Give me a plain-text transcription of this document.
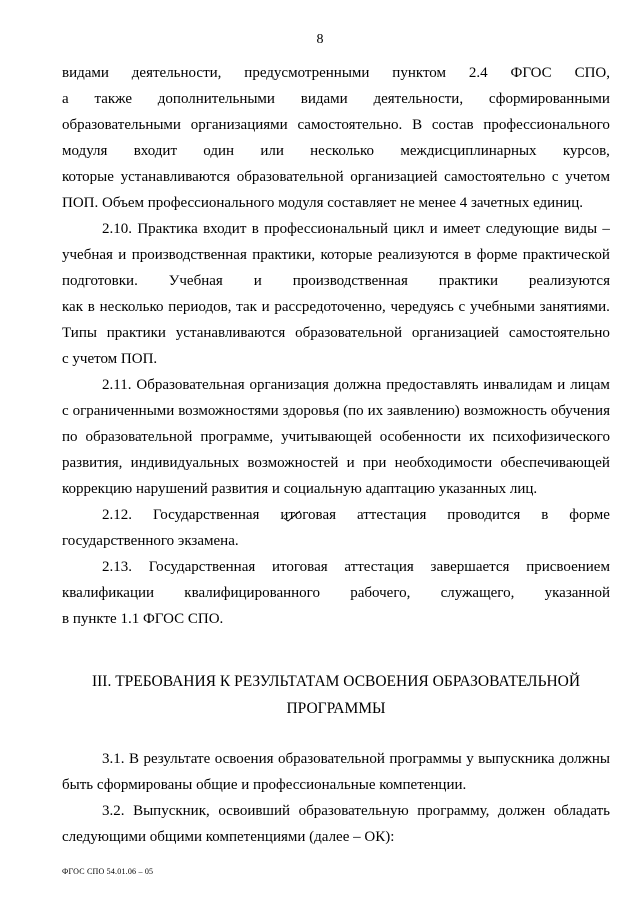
8
видами деятельности, предусмотренными пунктом 2.4 ФГОС СПО,
а также дополнительными видами деятельности, сформированными
образовательными организациями самостоятельно. В состав профессионального
модуля входит один или несколько междисциплинарных курсов,
которые устанавливаются образовательной организацией самостоятельно с учетом
ПОП. Объем профессионального модуля составляет не менее 4 зачетных единиц.
2.10. Практика входит в профессиональный цикл и имеет следующие виды –
учебная и производственная практики, которые реализуются в форме практической
подготовки. Учебная и производственная практики реализуются
как в несколько периодов, так и рассредоточенно, чередуясь с учебными занятиями.
Типы практики устанавливаются образовательной организацией самостоятельно
с учетом ПОП.
2.11. Образовательная организация должна предоставлять инвалидам и лицам
с ограниченными возможностями здоровья (по их заявлению) возможность обучения
по образовательной программе, учитывающей особенности их психофизического
развития, индивидуальных возможностей и при необходимости обеспечивающей
коррекцию нарушений развития и социальную адаптацию указанных лиц.
2.12. Государственная итоговая аттестация проводится в форме
государственного экзамена.
2.13. Государственная итоговая аттестация завершается присвоением
квалификации квалифицированного рабочего, служащего, указанной
в пункте 1.1 ФГОС СПО.
III. ТРЕБОВАНИЯ К РЕЗУЛЬТАТАМ ОСВОЕНИЯ ОБРАЗОВАТЕЛЬНОЙ
ПРОГРАММЫ
3.1. В результате освоения образовательной программы у выпускника должны
быть сформированы общие и профессиональные компетенции.
3.2. Выпускник, освоивший образовательную программу, должен обладать
следующими общими компетенциями (далее – ОК):
ФГОС СПО 54.01.06 – 05
